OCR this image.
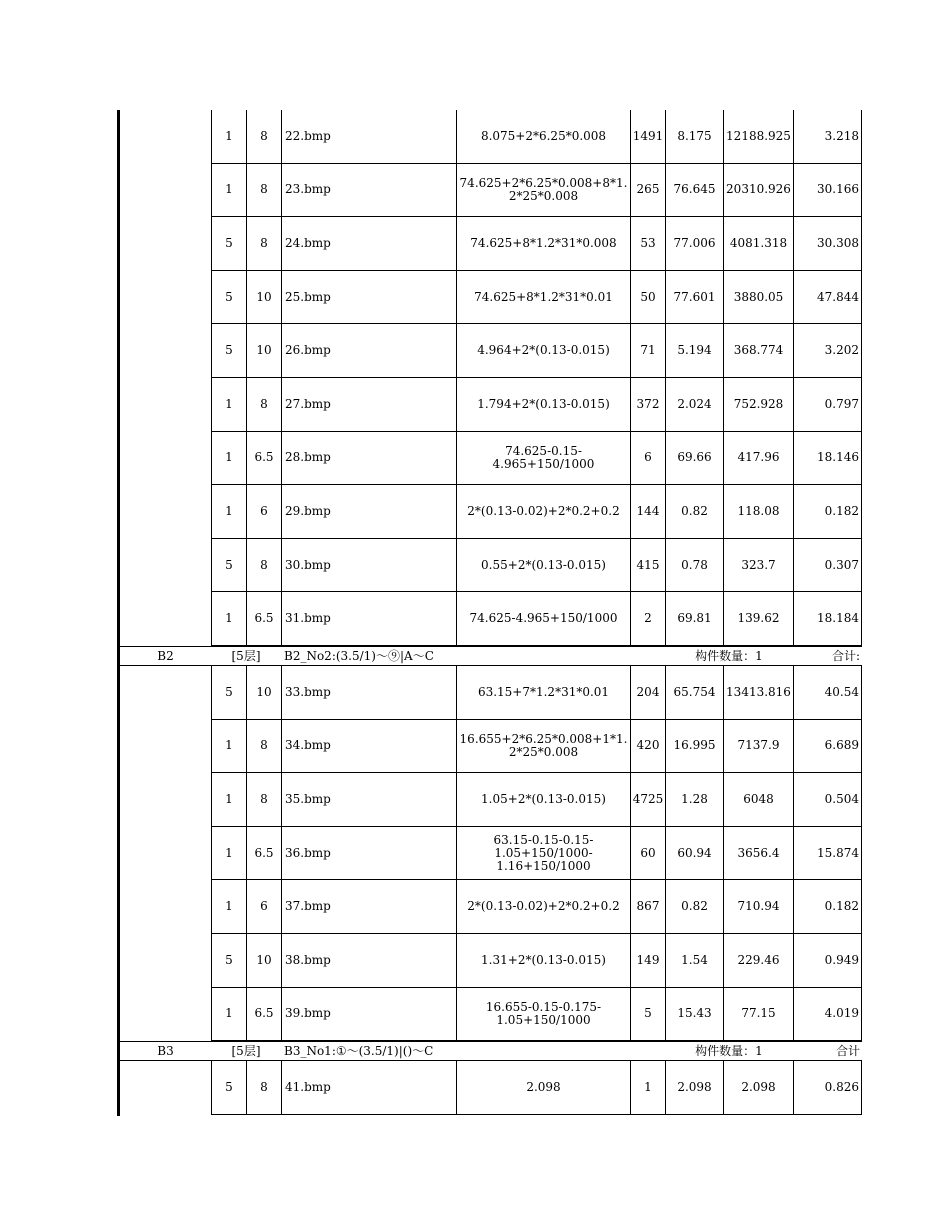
1 8 22.bmp	8.075+2*6.25*0.008 1491 8.175 12188.925	3.218
1 8 23.bmp	74.625+2*6.25*0.008+8*1.
2*25*0.008	265 76.645 20310.926 30.166
5 8 24.bmp	74.625+8*1.2*31*0.008 53 77.006 4081.318 30.308
5 10 25.bmp	74.625+8*1.2*31*0.01 50 77.601 3880.05	47.844
5 10 26.bmp	4.964+2*(0.13-0.015)	71 5.194 368.774	3.202
1 8 27.bmp	1.794+2*(0.13-0.015) 372 2.024 752.928	0.797
1 6.5 28.bmp	74.625-0.15-
4.965+150/1000	6 69.66 417.96	18.146
1 6 29.bmp	2*(0.13-0.02)+2*0.2+0.2 144 0.82 118.08	0.182
5 8 30.bmp	0.55+2*(0.13-0.015)	415 0.78	323.7	0.307
1 6.5 31.bmp	74.625-4.965+150/1000 2 69.81 139.62	18.184
B2	[5层] B2_No2:(3.5/1)～⑨|A～C	构件数量：1	合计:
5 10 33.bmp	63.15+7*1.2*31*0.01 204 65.754 13413.816	40.54
1 8 34.bmp	16.655+2*6.25*0.008+1*1.
2*25*0.008	420 16.995 7137.9	6.689
1 8 35.bmp	1.05+2*(0.13-0.015) 4725 1.28	6048	0.504
1 6.5 36.bmp
63.15-0.15-0.15-
1.05+150/1000-
1.16+150/1000
60 60.94 3656.4	15.874
1 6 37.bmp	2*(0.13-0.02)+2*0.2+0.2 867 0.82 710.94	0.182
5 10 38.bmp	1.31+2*(0.13-0.015)	149 1.54 229.46	0.949
1 6.5 39.bmp	16.655-0.15-0.175-
1.05+150/1000	5 15.43 77.15	4.019
B3	[5层] B3_No1:①～(3.5/1)|()～C	构件数量：1	合计
5 8 41.bmp	2.098	1 2.098 2.098	0.826
